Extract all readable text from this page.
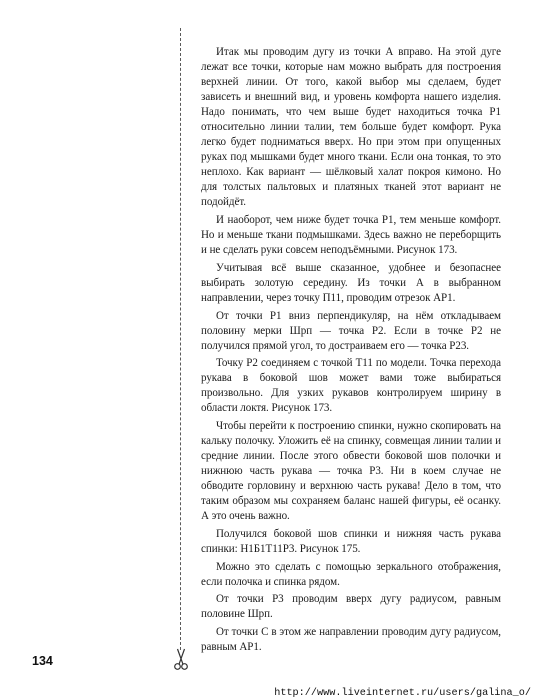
Итак мы проводим дугу из точки А вправо. На этой дуге лежат все точки, которые нам можно выбрать для построения верхней линии. От того, какой выбор мы сделаем, будет зависеть и внешний вид, и уровень комфорта нашего изделия. Надо понимать, что чем выше будет находиться точка Р1 относительно линии талии, тем больше будет комфорт. Рука легко будет подниматься вверх. Но при этом при опущенных руках под мышками будет много ткани. Если она тонкая, то это неплохо. Как вариант — шёлковый халат покроя кимоно. Но для толстых пальтовых и платяных тканей этот вариант не подойдёт.

И наоборот, чем ниже будет точка Р1, тем меньше комфорт. Но и меньше ткани подмышками. Здесь важно не переборщить и не сделать руки совсем неподъёмными. Рисунок 173.

Учитывая всё выше сказанное, удобнее и безопаснее выбирать золотую середину. Из точки А в выбранном направлении, через точку П11, проводим отрезок АР1.

От точки Р1 вниз перпендикуляр, на нём откладываем половину мерки Шрп — точка Р2. Если в точке Р2 не получился прямой угол, то достраиваем его — точка Р23.

Точку Р2 соединяем с точкой Т11 по модели. Точка перехода рукава в боковой шов может вами тоже выбираться произвольно. Для узких рукавов контролируем ширину в области локтя. Рисунок 173.

Чтобы перейти к построению спинки, нужно скопировать на кальку полочку. Уложить её на спинку, совмещая линии талии и средние линии. После этого обвести боковой шов полочки и нижнюю часть рукава — точка Р3. Ни в коем случае не обводите горловину и верхнюю часть рукава! Дело в том, что таким образом мы сохраняем баланс нашей фигуры, её осанку. А это очень важно.

Получился боковой шов спинки и нижняя часть рукава спинки: Н1Б1Т11Р3. Рисунок 175.

Можно это сделать с помощью зеркального отображения, если полочка и спинка рядом.

От точки Р3 проводим вверх дугу радиусом, равным половине Шрп.

От точки С в этом же направлении проводим дугу радиусом, равным АР1.

134
http://www.liveinternet.ru/users/galina_o/
